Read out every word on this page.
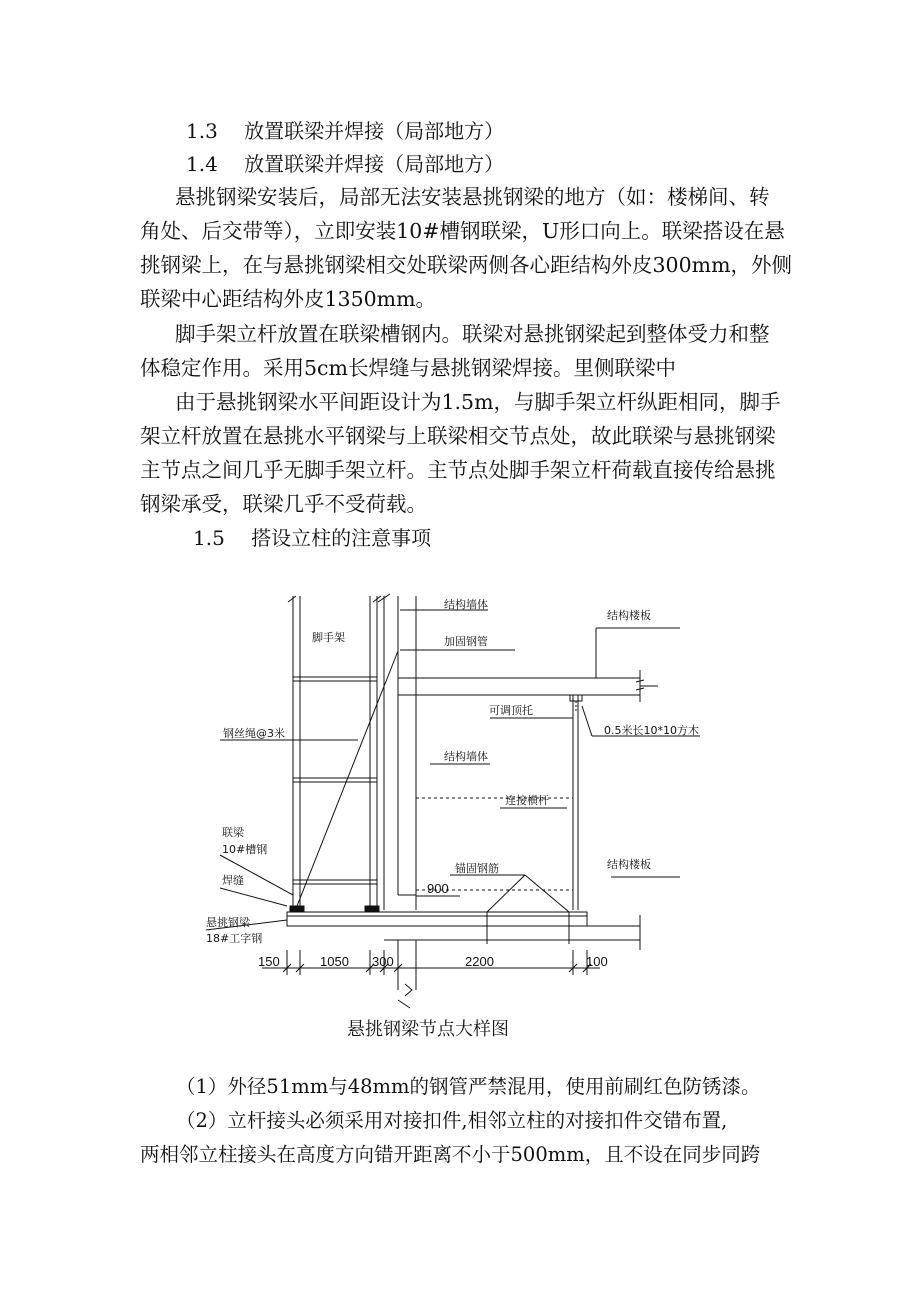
1.3　 放置联梁并焊接（局部地方）
1.4　 放置联梁并焊接（局部地方）
悬挑钢梁安装后，局部无法安装悬挑钢梁的地方（如：楼梯间、转
角处、后交带等），立即安装10#槽钢联梁，U形口向上。联梁搭设在悬
挑钢梁上，在与悬挑钢梁相交处联梁两侧各心距结构外皮300mm，外侧
联梁中心距结构外皮1350mm。
脚手架立杆放置在联梁槽钢内。联梁对悬挑钢梁起到整体受力和整
体稳定作用。采用5cm长焊缝与悬挑钢梁焊接。里侧联梁中
由于悬挑钢梁水平间距设计为1.5m，与脚手架立杆纵距相同，脚手
架立杆放置在悬挑水平钢梁与上联梁相交节点处，故此联梁与悬挑钢梁
主节点之间几乎无脚手架立杆。主节点处脚手架立杆荷载直接传给悬挑
钢梁承受，联梁几乎不受荷载。
1.5　 搭设立柱的注意事项
脚手架
结构墙体
结构楼板
加固钢管
可调顶托
0.5米长10*10方木
钢丝绳@3米
结构墙体
连接横杆
联梁
10#槽钢
锚固钢筋	结构楼板
焊缝
悬挑钢梁
18#工字钢
900
150	1050 300	2200	100
悬挑钢梁节点大样图
（1）外径51mm与48mm的钢管严禁混用，使用前刷红色防锈漆。
（2）立杆接头必须采用对接扣件,相邻立柱的对接扣件交错布置,
两相邻立柱接头在高度方向错开距离不小于500mm，且不设在同步同跨
